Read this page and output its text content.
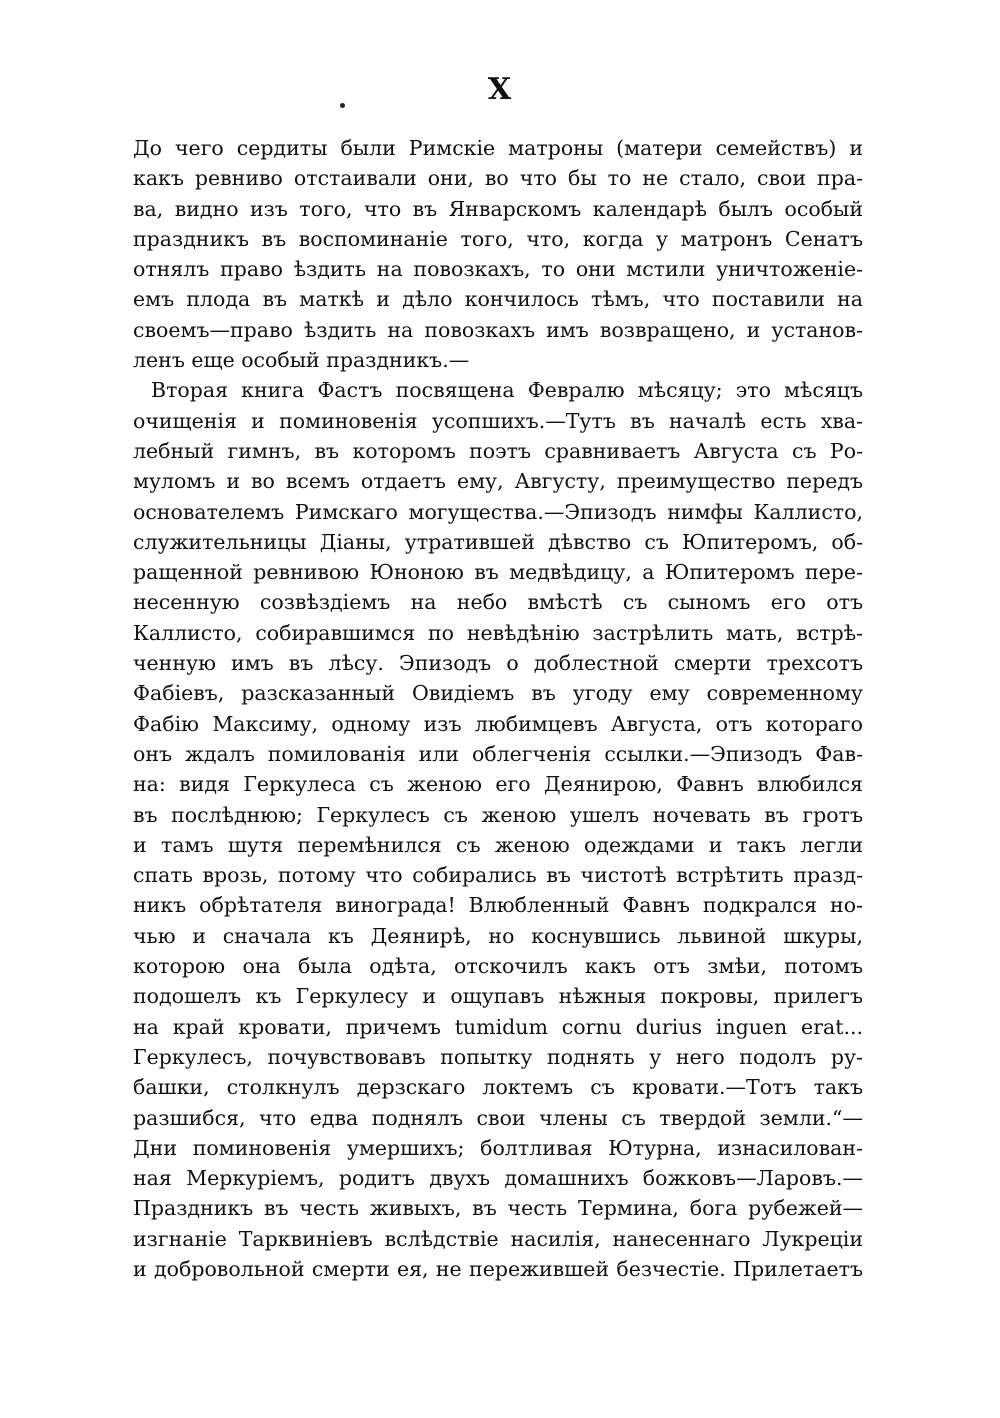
X
До чего сердиты были Римскіе матроны (матери семействъ) и
какъ ревниво отстаивали они, во что бы то не стало, свои пра-
ва, видно изъ того, что въ Январскомъ календарѣ былъ особый
праздникъ въ воспоминаніе того, что, когда у матронъ Сенатъ
отнялъ право ѣздить на повозкахъ, то они мстили уничтоженіе-
емъ плода въ маткѣ и дѣло кончилось тѣмъ, что поставили на
своемъ—право ѣздить на повозкахъ имъ возвращено, и установ-
ленъ еще особый праздникъ.—
Вторая книга Фастъ посвящена Февралю мѣсяцу; это мѣсяцъ
очищенія и поминовенія усопшихъ.—Тутъ въ началѣ есть хва-
лебный гимнъ, въ которомъ поэтъ сравниваетъ Августа съ Ро-
муломъ и во всемъ отдаетъ ему, Августу, преимущество передъ
основателемъ Римскаго могущества.—Эпизодъ нимфы Каллисто,
служительницы Діаны, утратившей дѣвство съ Юпитеромъ, об-
ращенной ревнивою Юноною въ медвѣдицу, а Юпитеромъ пере-
несенную созвѣздіемъ на небо вмѣстѣ съ сыномъ его отъ
Каллисто, собиравшимся по невѣдѣнію застрѣлить мать, встрѣ-
ченную имъ въ лѣсу. Эпизодъ о доблестной смерти трехсотъ
Фабіевъ, разсказанный Овидіемъ въ угоду ему современному
Фабію Максиму, одному изъ любимцевъ Августа, отъ котораго
онъ ждалъ помилованія или облегченія ссылки.—Эпизодъ Фав-
на: видя Геркулеса съ женою его Деянирою, Фавнъ влюбился
въ послѣднюю; Геркулесъ съ женою ушелъ ночевать въ гротъ
и тамъ шутя перемѣнился съ женою одеждами и такъ легли
спать врозь, потому что собирались въ чистотѣ встрѣтить празд-
никъ обрѣтателя винограда! Влюбленный Фавнъ подкрался но-
чью и сначала къ Деянирѣ, но коснувшись львиной шкуры,
которою она была одѣта, отскочилъ какъ отъ змѣи, потомъ
подошелъ къ Геркулесу и ощупавъ нѣжныя покровы, прилегъ
на край кровати, причемъ tumidum cornu durius inguen erat...
Геркулесъ, почувствовавъ попытку поднять у него подолъ ру-
башки, столкнулъ дерзскаго локтемъ съ кровати.—Тотъ такъ
разшибся, что едва поднялъ свои члены съ твердой земли.“—
Дни поминовенія умершихъ; болтливая Ютурна, изнасилован-
ная Меркуріемъ, родитъ двухъ домашнихъ божковъ—Ларовъ.—
Праздникъ въ честь живыхъ, въ честь Термина, бога рубежей—
изгнаніе Тарквиніевъ вслѣдствіе насилія, нанесеннаго Лукреціи
и добровольной смерти ея, не пережившей безчестіе. Прилетаетъ
